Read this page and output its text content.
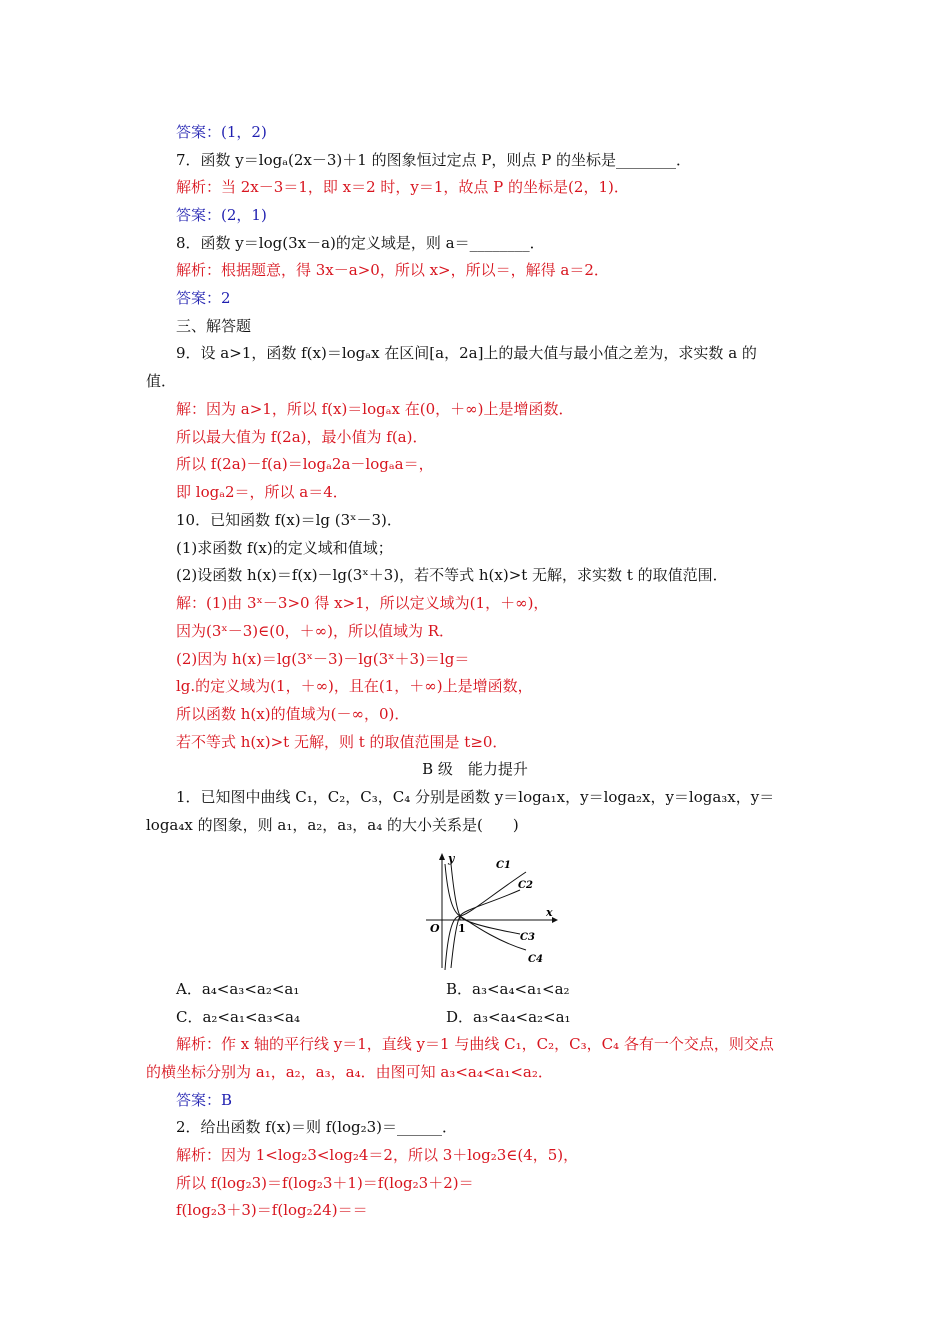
答案：(1，2)
7．函数 y＝logₐ(2x－3)＋1 的图象恒过定点 P，则点 P 的坐标是________．
解析：当 2x－3＝1，即 x＝2 时，y＝1，故点 P 的坐标是(2，1)．
答案：(2，1)
8．函数 y＝log(3x－a)的定义域是，则 a＝________．
解析：根据题意，得 3x－a>0，所以 x>，所以＝，解得 a＝2．
答案：2
三、解答题
9．设 a>1，函数 f(x)＝logₐx 在区间[a，2a]上的最大值与最小值之差为，求实数 a 的
值．
解：因为 a>1，所以 f(x)＝logₐx 在(0，＋∞)上是增函数．
所以最大值为 f(2a)，最小值为 f(a)．
所以 f(2a)－f(a)＝logₐ2a－logₐa＝，
即 logₐ2＝，所以 a＝4．
10．已知函数 f(x)＝lg (3ˣ－3)．
(1)求函数 f(x)的定义域和值域；
(2)设函数 h(x)＝f(x)－lg(3ˣ＋3)，若不等式 h(x)>t 无解，求实数 t 的取值范围．
解：(1)由 3ˣ－3>0 得 x>1，所以定义域为(1，＋∞)，
因为(3ˣ－3)∈(0，＋∞)，所以值域为 R．
(2)因为 h(x)＝lg(3ˣ－3)－lg(3ˣ＋3)＝lg＝
lg.的定义域为(1，＋∞)，且在(1，＋∞)上是增函数，
所以函数 h(x)的值域为(－∞，0)．
若不等式 h(x)>t 无解，则 t 的取值范围是 t≥0．
B 级　能力提升
1．已知图中曲线 C₁，C₂，C₃，C₄ 分别是函数 y＝loga₁x，y＝loga₂x，y＝loga₃x，y＝
loga₄x 的图象，则 a₁，a₂，a₃，a₄ 的大小关系是(　　)
y
x
O 1
C1
C2
C3
C4
A．a₄<a₃<a₂<a₁	B．a₃<a₄<a₁<a₂
C．a₂<a₁<a₃<a₄	D．a₃<a₄<a₂<a₁
解析：作 x 轴的平行线 y＝1，直线 y＝1 与曲线 C₁，C₂，C₃，C₄ 各有一个交点，则交点
的横坐标分别为 a₁，a₂，a₃，a₄．由图可知 a₃<a₄<a₁<a₂．
答案：B
2．给出函数 f(x)＝则 f(log₂3)＝______．
解析：因为 1<log₂3<log₂4＝2，所以 3＋log₂3∈(4，5)，
所以 f(log₂3)＝f(log₂3＋1)＝f(log₂3＋2)＝
f(log₂3＋3)＝f(log₂24)＝＝
